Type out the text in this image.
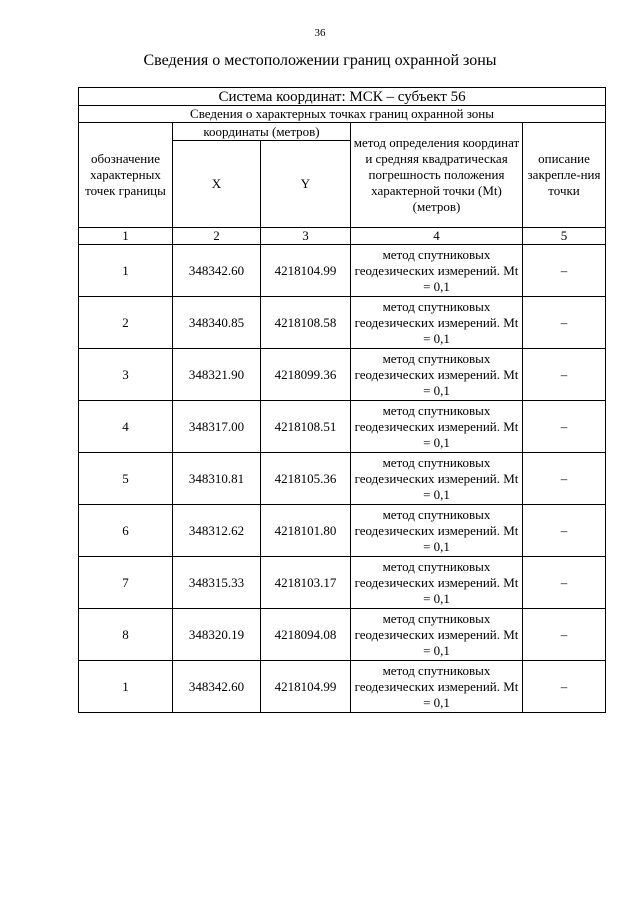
36
Сведения о местоположении границ охранной зоны
Система координат: МСК – субъект 56				
Сведения о характерных точках границ охранной зоны				
обозначение характерных точек границы	координаты (метров)		метод определения координат и средняя квадратическая погрешность положения характерной точки (Mt) (метров)	описание закрепле-ния точки
	X	Y		
1	2	3	4	5
1	348342.60	4218104.99	метод спутниковых геодезических измерений. Mt = 0,1	–
2	348340.85	4218108.58	метод спутниковых геодезических измерений. Mt = 0,1	–
3	348321.90	4218099.36	метод спутниковых геодезических измерений. Mt = 0,1	–
4	348317.00	4218108.51	метод спутниковых геодезических измерений. Mt = 0,1	–
5	348310.81	4218105.36	метод спутниковых геодезических измерений. Mt = 0,1	–
6	348312.62	4218101.80	метод спутниковых геодезических измерений. Mt = 0,1	–
7	348315.33	4218103.17	метод спутниковых геодезических измерений. Mt = 0,1	–
8	348320.19	4218094.08	метод спутниковых геодезических измерений. Mt = 0,1	–
1	348342.60	4218104.99	метод спутниковых геодезических измерений. Mt = 0,1	–
